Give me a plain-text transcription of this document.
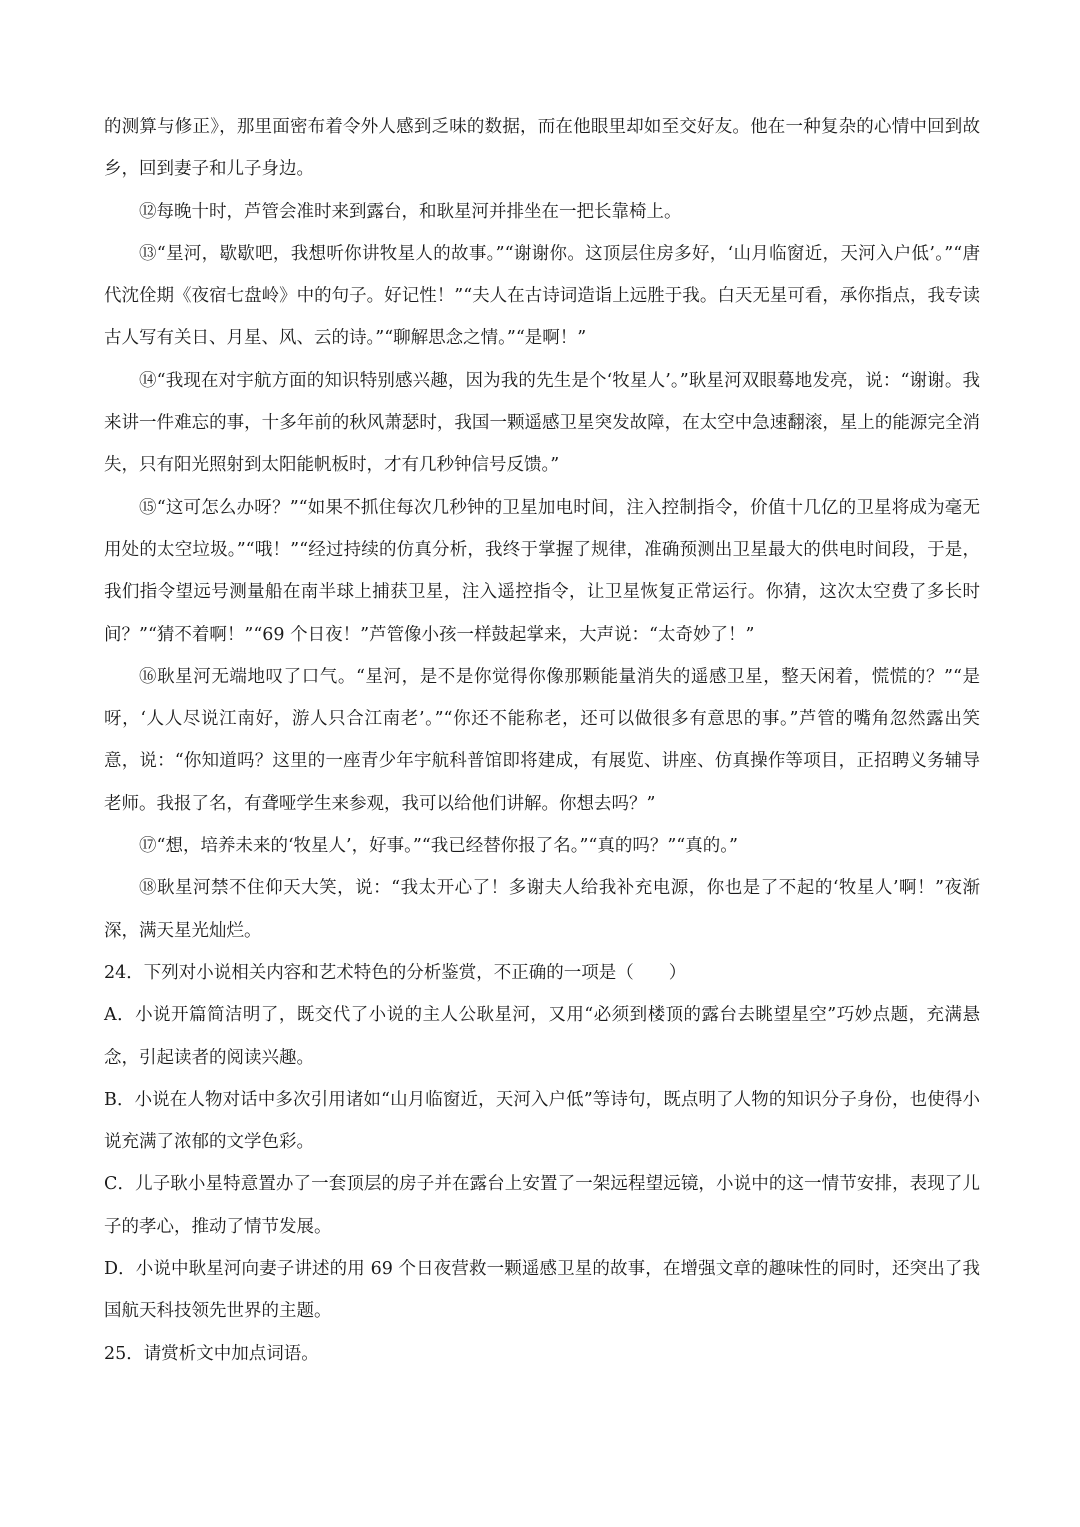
的测算与修正》，那里面密布着令外人感到乏味的数据，而在他眼里却如至交好友。他在一种复杂的心情中回到故乡，回到妻子和儿子身边。

⑫每晚十时，芦管会准时来到露台，和耿星河并排坐在一把长靠椅上。

⑬“星河，歇歇吧，我想听你讲牧星人的故事。”“谢谢你。这顶层住房多好，‘山月临窗近，天河入户低’。”“唐代沈佺期《夜宿七盘岭》中的句子。好记性！”“夫人在古诗词造诣上远胜于我。白天无星可看，承你指点，我专读古人写有关日、月星、风、云的诗。”“聊解思念之情。”“是啊！”

⑭“我现在对宇航方面的知识特别感兴趣，因为我的先生是个‘牧星人’。”耿星河双眼蓦地发亮，说：“谢谢。我来讲一件难忘的事，十多年前的秋风萧瑟时，我国一颗遥感卫星突发故障，在太空中急速翻滚，星上的能源完全消失，只有阳光照射到太阳能帆板时，才有几秒钟信号反馈。”

⑮“这可怎么办呀？”“如果不抓住每次几秒钟的卫星加电时间，注入控制指令，价值十几亿的卫星将成为毫无用处的太空垃圾。”“哦！”“经过持续的仿真分析，我终于掌握了规律，准确预测出卫星最大的供电时间段，于是，我们指令望远号测量船在南半球上捕获卫星，注入遥控指令，让卫星恢复正常运行。你猜，这次太空费了多长时间？”“猜不着啊！”“69 个日夜！”芦管像小孩一样鼓起掌来，大声说：“太奇妙了！”

⑯耿星河无端地叹了口气。“星河，是不是你觉得你像那颗能量消失的遥感卫星，整天闲着，慌慌的？”“是呀，‘人人尽说江南好，游人只合江南老’。”“你还不能称老，还可以做很多有意思的事。”芦管的嘴角忽然露出笑意，说：“你知道吗？这里的一座青少年宇航科普馆即将建成，有展览、讲座、仿真操作等项目，正招聘义务辅导老师。我报了名，有聋哑学生来参观，我可以给他们讲解。你想去吗？”

⑰“想，培养未来的‘牧星人’，好事。”“我已经替你报了名。”“真的吗？”“真的。”

⑱耿星河禁不住仰天大笑，说：“我太开心了！多谢夫人给我补充电源，你也是了不起的‘牧星人’啊！”夜渐深，满天星光灿烂。

24．下列对小说相关内容和艺术特色的分析鉴赏，不正确的一项是（　　）

A．小说开篇简洁明了，既交代了小说的主人公耿星河，又用“必须到楼顶的露台去眺望星空”巧妙点题，充满悬念，引起读者的阅读兴趣。

B．小说在人物对话中多次引用诸如“山月临窗近，天河入户低”等诗句，既点明了人物的知识分子身份，也使得小说充满了浓郁的文学色彩。

C．儿子耿小星特意置办了一套顶层的房子并在露台上安置了一架远程望远镜，小说中的这一情节安排，表现了儿子的孝心，推动了情节发展。

D．小说中耿星河向妻子讲述的用 69 个日夜营救一颗遥感卫星的故事，在增强文章的趣味性的同时，还突出了我国航天科技领先世界的主题。

25．请赏析文中加点词语。
